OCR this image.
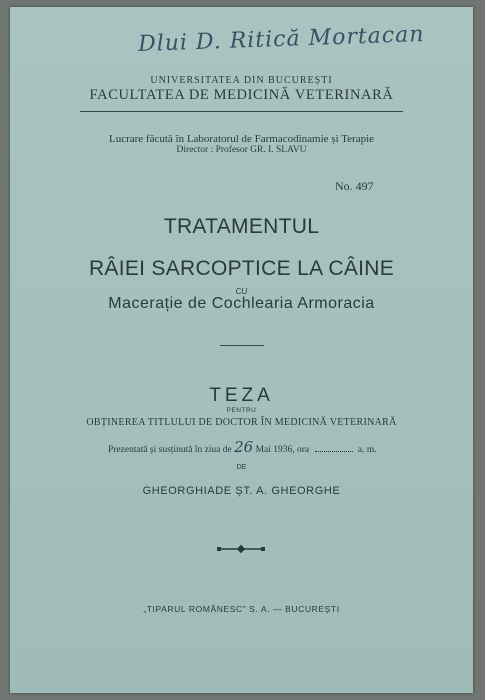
Dlui D. Ritică Mortacan
UNIVERSITATEA DIN BUCUREȘTI
FACULTATEA DE MEDICINĂ VETERINARĂ
Lucrare făcută în Laboratorul de Farmacodinamie și Terapie
Director : Profesor GR. I. SLAVU
No. 497
TRATAMENTUL
RÂIEI SARCOPTICE LA CÂINE
CU
Macerație de Cochlearia Armoracia
TEZA
PENTRU
OBȚINEREA TITLULUI DE DOCTOR ÎN MEDICINĂ VETERINARĂ
Prezentată și susținută în ziua de 26 Mai 1936, ora	a. m.
DE
GHEORGHIADE ȘT. A. GHEORGHE
„TIPARUL ROMÂNESC” S. A. — BUCUREȘTI
